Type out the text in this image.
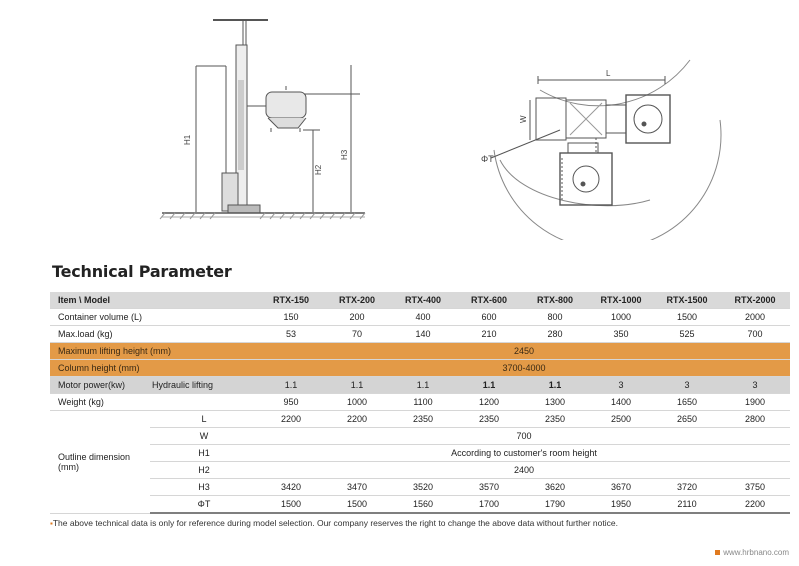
H1
H2
H3
L
W
ΦT
Technical Parameter
Item \ Model		RTX-150	RTX-200	RTX-400	RTX-600	RTX-800	RTX-1000	RTX-1500	RTX-2000
Container volume (L)		150	200	400	600	800	1000	1500	2000
Max.load (kg)		53	70	140	210	280	350	525	700
Maximum lifting height (mm)		2450							
Column height (mm)		3700-4000							
Motor power(kw)	Hydraulic lifting	1.1	1.1	1.1	1.1	1.1	3	3	3
Weight (kg)		950	1000	1100	1200	1300	1400	1650	1900
Outline dimension (mm)	L	2200	2200	2350	2350	2350	2500	2650	2800
	W	700							
	H1	According to customer's room height							
	H2	2400							
	H3	3420	3470	3520	3570	3620	3670	3720	3750
	ΦT	1500	1500	1560	1700	1790	1950	2110	2200
▪The above technical data is only for reference during model selection. Our company reserves the right to change the above data without further notice.
www.hrbnano.com
